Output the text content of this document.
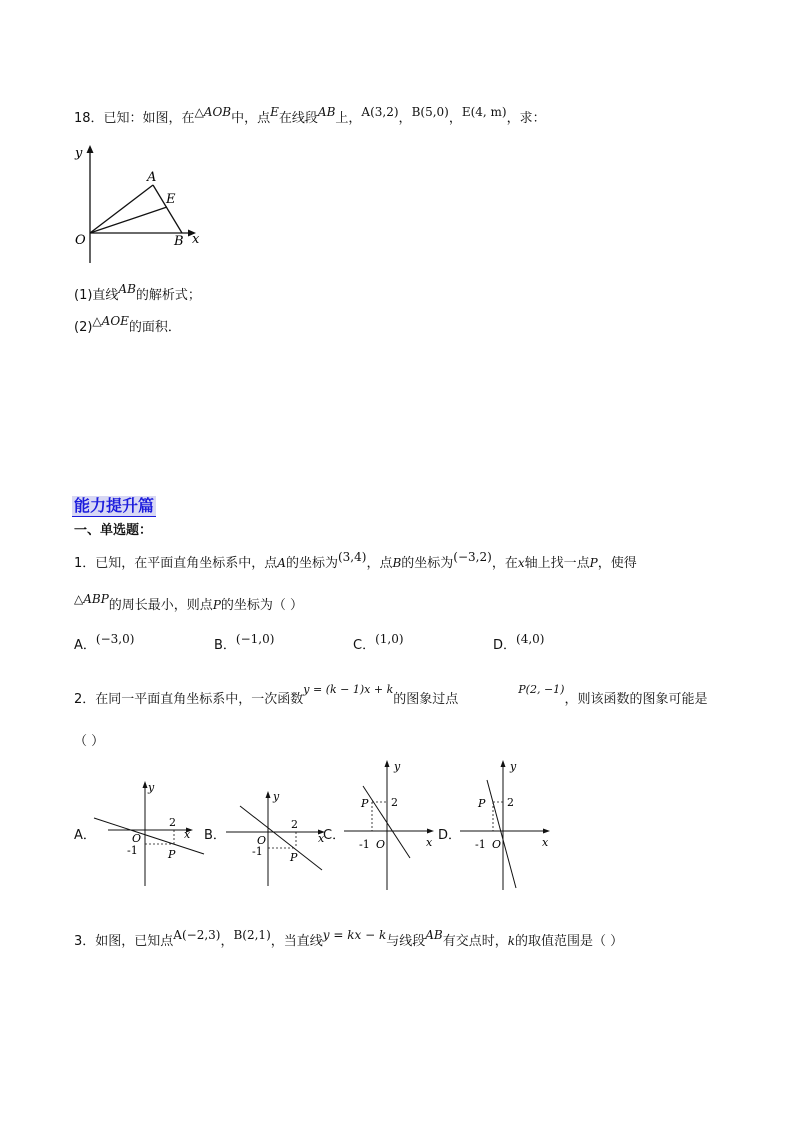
18．已知：如图，在△AOB中，点E在线段AB上，A(3,2)，B(5,0)，E(4, m)，求：
y
A
E
O	B x
(1)直线AB的解析式；
(2)△AOE的面积．
能力提升篇
一、单选题：
1．已知，在平面直角坐标系中，点A的坐标为(3,4)，点B的坐标为(−3,2)，在x轴上找一点P，使得
△ABP的周长最小，则点P的坐标为（ ）
A．(−3,0)	B．(−1,0)	C．(1,0)	D．(4,0)
2．在同一平面直角坐标系中，一次函数$^{y = (k - 1)x + k}$的图象过点$^{P(2, -1)}$，则该函数的图象可能是
（ ）
A．
y
x
2
-1
O
P
B．
y
x
2
-1
O
P
C．
y
x
2
-1 O
P
D．
y
x
2
-1 O
P
3．如图，已知点A(−2,3)，B(2,1)，当直线y = kx − k与线段AB有交点时，k的取值范围是（ ）
